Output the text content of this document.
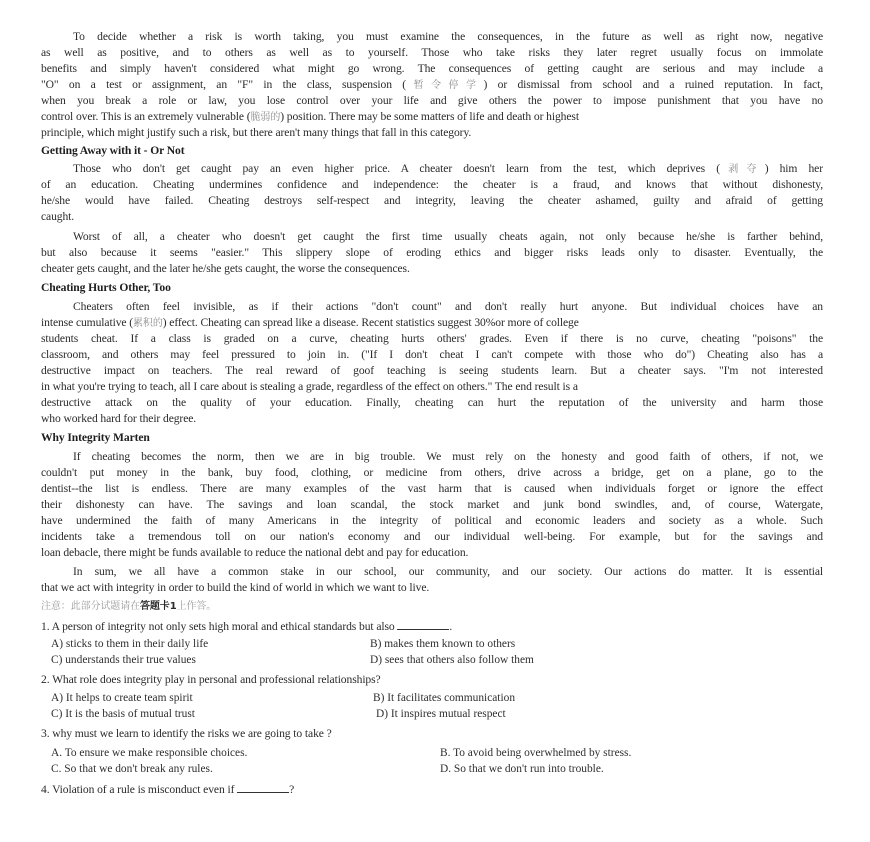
To decide whether a risk is worth taking, you must examine the consequences, in the future as well as right now, negative
as well as positive, and to others as well as to yourself. Those who take risks they later regret usually focus on immolate
benefits and simply haven't considered what might go wrong. The consequences of getting caught are serious and may include a
"O" on a test or assignment, an "F" in the class, suspension (暂令停学) or dismissal from school and a ruined reputation. In fact,
when you break a role or law, you lose control over your life and give others the power to impose punishment that you have no
control over. This is an extremely vulnerable (脆弱的) position. There may be some matters of life and death or highest
principle, which might justify such a risk, but there aren't many things that fall in this category.
Getting Away with it - Or Not
Those who don't get caught pay an even higher price. A cheater doesn't learn from the test, which deprives (剥夺) him her
of an education. Cheating undermines confidence and independence: the cheater is a fraud, and knows that without dishonesty,
he/she would have failed. Cheating destroys self-respect and integrity, leaving the cheater ashamed, guilty and afraid of getting
caught.
Worst of all, a cheater who doesn't get caught the first time usually cheats again, not only because he/she is farther behind,
but also because it seems "easier." This slippery slope of eroding ethics and bigger risks leads only to disaster. Eventually, the
cheater gets caught, and the later he/she gets caught, the worse the consequences.
Cheating Hurts Other, Too
Cheaters often feel invisible, as if their actions "don't count" and don't really hurt anyone. But individual choices have an
intense cumulative (累积的) effect. Cheating can spread like a disease. Recent statistics suggest 30%or more of college
students cheat. If a class is graded on a curve, cheating hurts others' grades. Even if there is no curve, cheating "poisons" the
classroom, and others may feel pressured to join in. ("If I don't cheat I can't compete with those who do") Cheating also has a
destructive impact on teachers. The real reward of goof teaching is seeing students learn. But a cheater says. "I'm not interested
in what you're trying to teach, all I care about is stealing a grade, regardless of the effect on others." The end result is a
destructive attack on the quality of your education. Finally, cheating can hurt the reputation of the university and harm those
who worked hard for their degree.
Why Integrity Marten
If cheating becomes the norm, then we are in big trouble. We must rely on the honesty and good faith of others, if not, we
couldn't put money in the bank, buy food, clothing, or medicine from others, drive across a bridge, get on a plane, go to the
dentist--the list is endless. There are many examples of the vast harm that is caused when individuals forget or ignore the effect
their dishonesty can have. The savings and loan scandal, the stock market and junk bond swindles, and, of course, Watergate,
have undermined the faith of many Americans in the integrity of political and economic leaders and society as a whole. Such
incidents take a tremendous toll on our nation's economy and our individual well-being. For example, but for the savings and
loan debacle, there might be funds available to reduce the national debt and pay for education.
In sum, we all have a common stake in our school, our community, and our society. Our actions do matter. It is essential
that we act with integrity in order to build the kind of world in which we want to live.
注意：此部分试题请在答题卡1上作答。
1. A person of integrity not only sets high moral and ethical standards but also	.
A) sticks to them in their daily life	B) makes them known to others
C) understands their true values	D) sees that others also follow them
2. What role does integrity play in personal and professional relationships?
A) It helps to create team spirit	B) It facilitates communication
C) It is the basis of mutual trust	D) It inspires mutual respect
3. why must we learn to identify the risks we are going to take ?
A. To ensure we make responsible choices.	B. To avoid being overwhelmed by stress.
C. So that we don't break any rules.	D. So that we don't run into trouble.
4. Violation of a rule is misconduct even if	?
